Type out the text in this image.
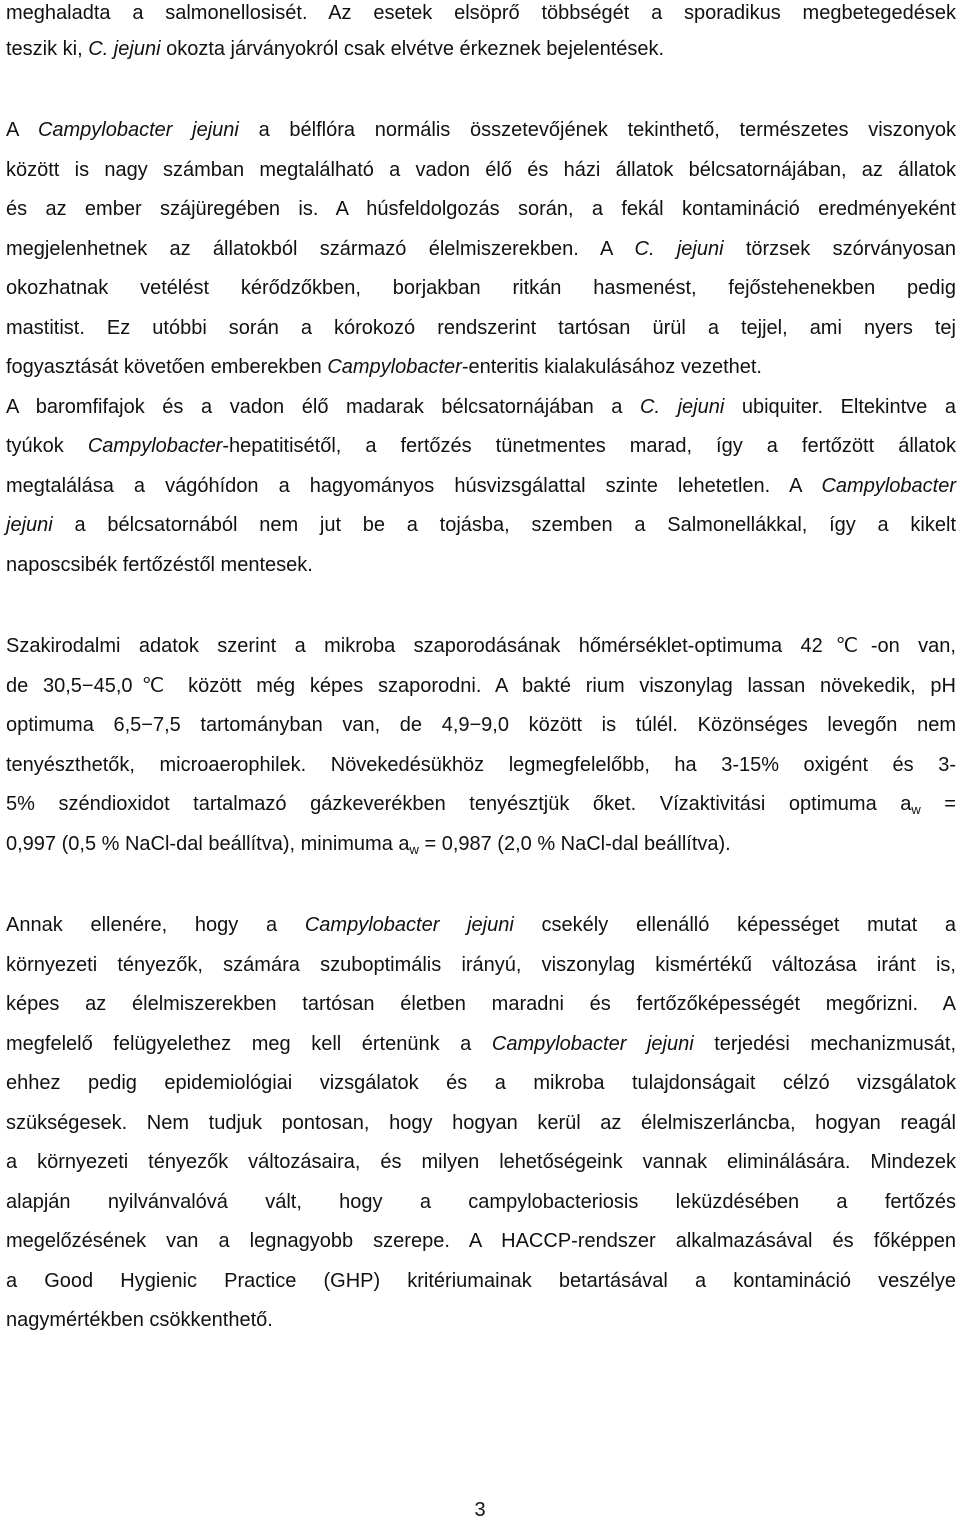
meghaladta a salmonellosisét. Az esetek elsöprő többségét a sporadikus megbetegedések
teszik ki, C. jejuni okozta járványokról csak elvétve érkeznek bejelentések.
A Campylobacter jejuni a bélflóra normális összetevőjének tekinthető, természetes viszonyok
között is nagy számban megtalálható a vadon élő és házi állatok bélcsatornájában, az állatok
és az ember szájüregében is. A húsfeldolgozás során, a fekál kontamináció eredményeként
megjelenhetnek az állatokból származó élelmiszerekben. A C. jejuni törzsek szórványosan
okozhatnak vetélést kérődzőkben, borjakban ritkán hasmenést, fejőstehenekben pedig
mastitist. Ez utóbbi során a kórokozó rendszerint tartósan ürül a tejjel, ami nyers tej
fogyasztását követően emberekben Campylobacter-enteritis kialakulásához vezethet.
A baromfifajok és a vadon élő madarak bélcsatornájában a C. jejuni ubiquiter. Eltekintve a
tyúkok Campylobacter-hepatitisétől, a fertőzés tünetmentes marad, így a fertőzött állatok
megtalálása a vágóhídon a hagyományos húsvizsgálattal szinte lehetetlen. A Campylobacter
jejuni a bélcsatornából nem jut be a tojásba, szemben a Salmonellákkal, így a kikelt
naposcsibék fertőzéstől mentesek.
Szakirodalmi adatok szerint a mikroba szaporodásának hőmérséklet-optimuma 42℃-on van,
de 30,5−45,0℃ között még képes szaporodni. A bakté rium viszonylag lassan növekedik, pH
optimuma 6,5−7,5 tartományban van, de 4,9−9,0 között is túlél. Közönséges levegőn nem
tenyészthetők, microaerophilek. Növekedésükhöz legmegfelelőbb, ha 3-15% oxigént és 3-
5% széndioxidot tartalmazó gázkeverékben tenyésztjük őket. Vízaktivitási optimuma $a_w$ =
0,997 (0,5 % NaCl-dal beállítva), minimuma $a_w = 0,987$ (2,0 % NaCl-dal beállítva).
Annak ellenére, hogy a Campylobacter jejuni csekély ellenálló képességet mutat a
környezeti tényezők, számára szuboptimális irányú, viszonylag kismértékű változása iránt is,
képes az élelmiszerekben tartósan életben maradni és fertőzőképességét megőrizni. A
megfelelő felügyelethez meg kell értenünk a Campylobacter jejuni terjedési mechanizmusát,
ehhez pedig epidemiológiai vizsgálatok és a mikroba tulajdonságait célzó vizsgálatok
szükségesek. Nem tudjuk pontosan, hogy hogyan kerül az élelmiszerláncba, hogyan reagál
a környezeti tényezők változásaira, és milyen lehetőségeink vannak eliminálására. Mindezek
alapján nyilvánvalóvá vált, hogy a campylobacteriosis leküzdésében a fertőzés
megelőzésének van a legnagyobb szerepe. A HACCP-rendszer alkalmazásával és főképpen
a Good Hygienic Practice (GHP) kritériumainak betartásával a kontamináció veszélye
nagymértékben csökkenthető.
3
